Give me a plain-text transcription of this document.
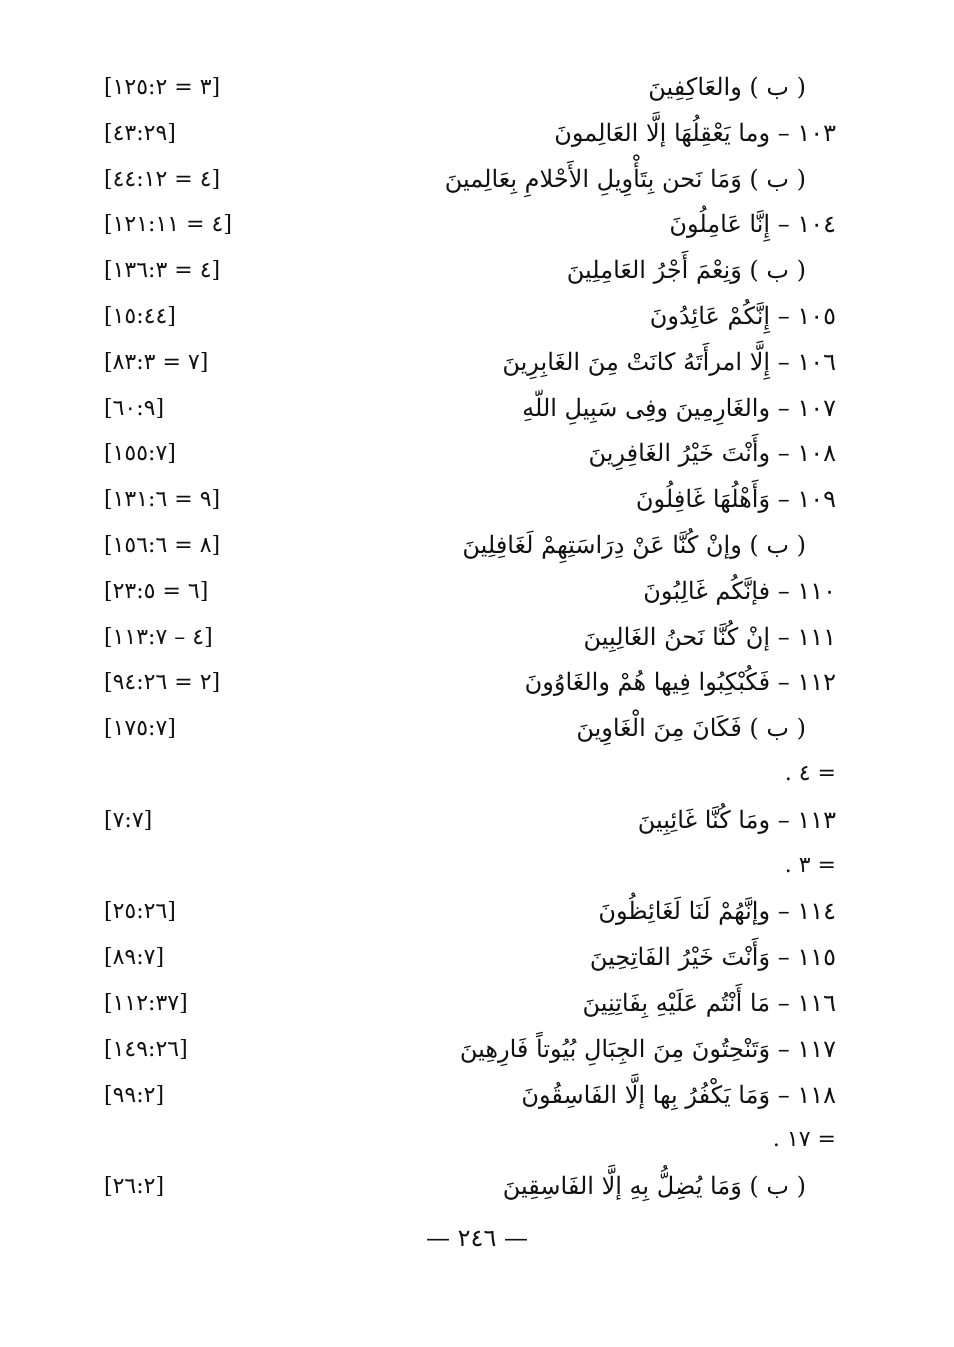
( ب ) والعَاكِفِينَ
[٣ = ١٢٥:٢]
١٠٣ – وما يَعْقِلُهَا إلَّا العَالِمونَ
[٤٣:٢٩]
( ب ) وَمَا نَحن بِتَأْوِيلِ الأَحْلامِ بِعَالِمينَ
[٤ = ٤٤:١٢]
١٠٤ – إِنَّا عَامِلُونَ
[٤ = ١٢١:١١]
( ب ) وَنِعْمَ أَجْرُ العَامِلِينَ
[٤ = ١٣٦:٣]
١٠٥ – إِنَّكُمْ عَائِدُونَ
[١٥:٤٤]
١٠٦ – إِلَّا امرأَتَهُ كانَتْ مِنَ الغَابِرِينَ
[٧ = ٨٣:٣]
١٠٧ – والغَارِمِينَ وفِى سَبِيلِ اللّهِ
[٦٠:٩]
١٠٨ – وأَنْتَ خَيْرُ الغَافِرِينَ
[١٥٥:٧]
١٠٩ – وَأَهْلُهَا غَافِلُونَ
[٩ = ١٣١:٦]
( ب ) وإنْ كُنَّا عَنْ دِرَاسَتِهِمْ لَغَافِلِينَ
[٨ = ١٥٦:٦]
١١٠ – فإنَّكُم غَالِبُونَ
[٦ = ٢٣:٥]
١١١ – إنْ كُنَّا نَحنُ الغَالِبِينَ
[٤ – ١١٣:٧]
١١٢ – فَكُبْكِبُوا فِيها هُمْ والغَاوُونَ
[٢ = ٩٤:٢٦]
( ب ) فَكَانَ مِنَ الْغَاوِينَ
[١٧٥:٧]
= ٤ .
١١٣ – ومَا كُنَّا غَائِبِينَ
[٧:٧]
= ٣ .
١١٤ – وإنَّهُمْ لَنَا لَغَائِظُونَ
[٢٥:٢٦]
١١٥ – وَأَنْتَ خَيْرُ الفَاتِحِينَ
[٨٩:٧]
١١٦ – مَا أَنْتُم عَلَيْهِ بِفَاتِنِينَ
[١١٢:٣٧]
١١٧ – وَتَنْحِتُونَ مِنَ الجِبَالِ بُيُوتاً فَارِهِينَ
[١٤٩:٢٦]
١١٨ – وَمَا يَكْفُرُ بِها إلَّا الفَاسِقُونَ
[٩٩:٢]
= ١٧ .
( ب ) وَمَا يُضِلُّ بِهِ إلَّا الفَاسِقِينَ
[٢٦:٢]
— ٢٤٦ —
